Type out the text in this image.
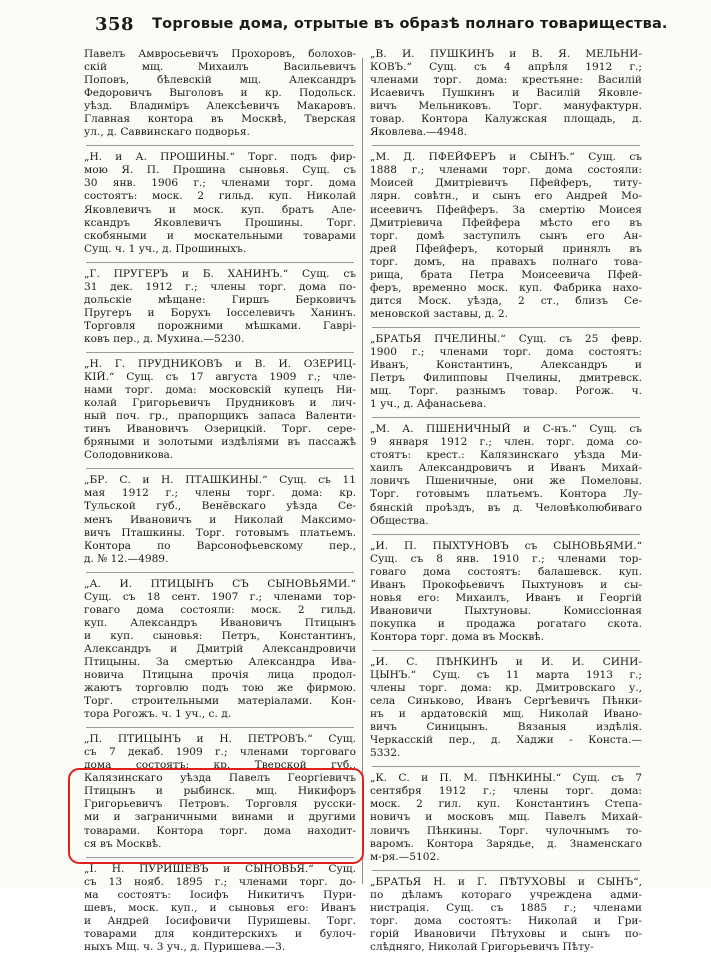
358 Торговые дома, отрытые въ образѣ полнаго товарищества.
Павелъ Амвросьевичъ Прохоровъ, болохов-
скій мщ. Михаилъ Васильевичъ
Поповъ, бѣлевскій мщ. Александръ
Федоровичъ Выголовъ и кр. Подольск.
уѣзд. Владиміръ Алексѣевичъ Макаровъ.
Главная контора въ Москвѣ, Тверская
ул., д. Саввинскаго подворья.
„Н. и А. ПРОШИНЫ.“ Торг. подъ фир-
мою Я. П. Прошина сыновья. Сущ. съ
30 янв. 1906 г.; членами торг. дома
состоятъ: моск. 2 гильд. куп. Николай
Яковлевичъ и моск. куп. братъ Але-
ксандръ Яковлевичъ Прошины. Торг.
скобяными и москательными товарами
Сущ. ч. 1 уч., д. Прошиныхъ.
„Г. ПРУГЕРЪ и Б. ХАНИНЪ.“ Сущ. съ
31 дек. 1912 г.; члены торг. дома по-
дольскіе мѣщане: Гиршъ Берковичъ
Пругеръ и Борухъ Іосселевичъ Ханинъ.
Торговля порожними мѣшками. Гаврі-
ковъ пер., д. Мухина.—5230.
„Н. Г. ПРУДНИКОВЪ и В. И. ОЗЕРИЦ-
КІЙ.“ Сущ. съ 17 августа 1909 г.; чле-
нами торг. дома: московскій купецъ Ни-
колай Григорьевичъ Прудниковъ и лич-
ный поч. гр., прапорщикъ запаса Валенти-
тинъ Ивановичъ Озерицкій. Торг. сере-
бряными и золотыми издѣліями въ пассажѣ
Солодовникова.
„БР. С. и Н. ПТАШКИНЫ.“ Сущ. съ 11
мая 1912 г.; члены торг. дома: кр.
Тульской губ., Венёвскаго уѣзда Се-
менъ Ивановичъ и Николай Максимо-
вичъ Пташкины. Торг. готовымъ платьемъ.
Контора по Варсонофьевскому пер.,
д. № 12.—4989.
„А. И. ПТИЦЫНЪ СЪ СЫНОВЬЯМИ.“
Сущ. съ 18 сент. 1907 г.; членами тор-
говаго дома состояли: моск. 2 гильд.
куп. Александръ Ивановичъ Птицынъ
и куп. сыновья: Петръ, Константинъ,
Александръ и Дмитрій Александровичи
Птицыны. За смертью Александра Ива-
новича Птицына прочія лица продол-
жаютъ торговлю подъ тою же фирмою.
Торг. строительными матеріалами. Кон-
тора Рогожъ. ч. 1 уч., с. д.
„П. ПТИЦЫНЪ и Н. ПЕТРОВЪ.“ Сущ.
съ 7 декаб. 1909 г.; членами торговаго
дома состоятъ: кр. Тверской губ.,
Калязинскаго уѣзда Павелъ Георгіевичъ
Птицынъ и рыбинск. мщ. Никифоръ
Григорьевичъ Петровъ. Торговля русски-
ми и заграничными винами и другими
товарами. Контора торг. дома находит-
ся въ Москвѣ.
„I. Н. ПУРИШЕВЪ и СЫНОВЬЯ.“ Сущ.
съ 13 нояб. 1895 г.; членами торг. до-
ма состоятъ: Іосифъ Никитичъ Пури-
шевъ, моск. куп., и сыновья его: Иванъ
и Андрей Іосифовичи Пуришевы. Торг.
товарами для кондитерскихъ и булоч-
ныхъ Мщ. ч. 3 уч., д. Пуришева.—3.
„В. И. ПУШКИНЪ и В. Я. МЕЛЬНИ-
КОВЪ.“ Сущ. съ 4 апрѣля 1912 г.;
членами торг. дома: крестьяне: Василій
Исаевичъ Пушкинъ и Василій Яковле-
вичъ Мельниковъ. Торг. мануфактурн.
товар. Контора Калужская площадь, д.
Яковлева.—4948.
„М. Д. ПФЕЙФЕРЪ и СЫНЪ.“ Сущ. съ
1888 г.; членами торг. дома состояли:
Моисей Дмитріевичъ Пфейферъ, титу-
лярн. совѣтн., и сынъ его Андрей Мо-
исеевичъ Пфейферъ. За смертію Моисея
Дмитріевича Пфейфера мѣсто его въ
торг. домѣ заступилъ сынъ его Ан-
дрей Пфейферъ, который принялъ въ
торг. домъ, на правахъ полнаго това-
рища, брата Петра Моисеевича Пфей-
феръ, временно моск. куп. Фабрика нахо-
дится Моск. уѣзда, 2 ст., близъ Се-
меновской заставы, д. 2.
„БРАТЬЯ ПЧЕЛИНЫ.“ Сущ. съ 25 февр.
1900 г.; членами торг. дома состоятъ:
Иванъ, Константинъ, Александръ и
Петръ Филипповы Пчелины, дмитревск.
мщ. Торг. разнымъ товар. Рогож. ч.
1 уч., д. Афанасьева.
„М. А. ПШЕНИЧНЫЙ и С-нъ.“ Сущ. съ
9 января 1912 г.; член. торг. дома со-
стоятъ: крест.: Калязинскаго уѣзда Ми-
хаилъ Александровичъ и Иванъ Михай-
ловичъ Пшеничные, они же Помеловы.
Торг. готовымъ платьемъ. Контора Лу-
бянскій проѣздъ, въ д. Человѣколюбиваго
Общества.
„И. П. ПЫХТУНОВЪ съ СЫНОВЬЯМИ.“
Сущ. съ 8 янв. 1910 г.; членами тор-
говаго дома состоятъ: балашевск. куп.
Иванъ Прокофьевичъ Пыхтуновъ и сы-
новья его: Михаилъ, Иванъ и Георгій
Ивановичи Пыхтуновы. Комиссіонная
покупка и продажа рогатаго скота.
Контора торг. дома въ Москвѣ.
„И. С. ПѢНКИНЪ и И. И. СИНИ-
ЦЫНЪ.“ Сущ. съ 11 марта 1913 г.;
члены торг. дома: кр. Дмитровскаго у.,
села Синьково, Иванъ Сергѣевичъ Пѣнки-
нъ и ардатовскій мщ. Николай Ивано-
вичъ Синицынъ. Вязаныя издѣлія.
Черкасскій пер., д. Хаджи - Конста.—
5332.
„К. С. и П. М. ПѢНКИНЫ.“ Сущ. съ 7
сентября 1912 г.; члены торг. дома:
моск. 2 гил. куп. Константинъ Степа-
новичъ и московъ мщ. Павелъ Михай-
ловичъ Пѣнкины. Торг. чулочнымъ то-
варомъ. Контора Зарядье, д. Знаменскаго
м-ря.—5102.
„БРАТЬЯ Н. и Г. ПѢТУХОВЫ и СЫНЪ“,
по дѣламъ котораго учреждена адми-
нистрація. Сущ. съ 1885 г.; членами
торг. дома состоятъ: Николай и Гри-
горій Ивановичи Пѣтуховы и сынъ по-
слѣдняго, Николай Григорьевичъ Пѣту-
